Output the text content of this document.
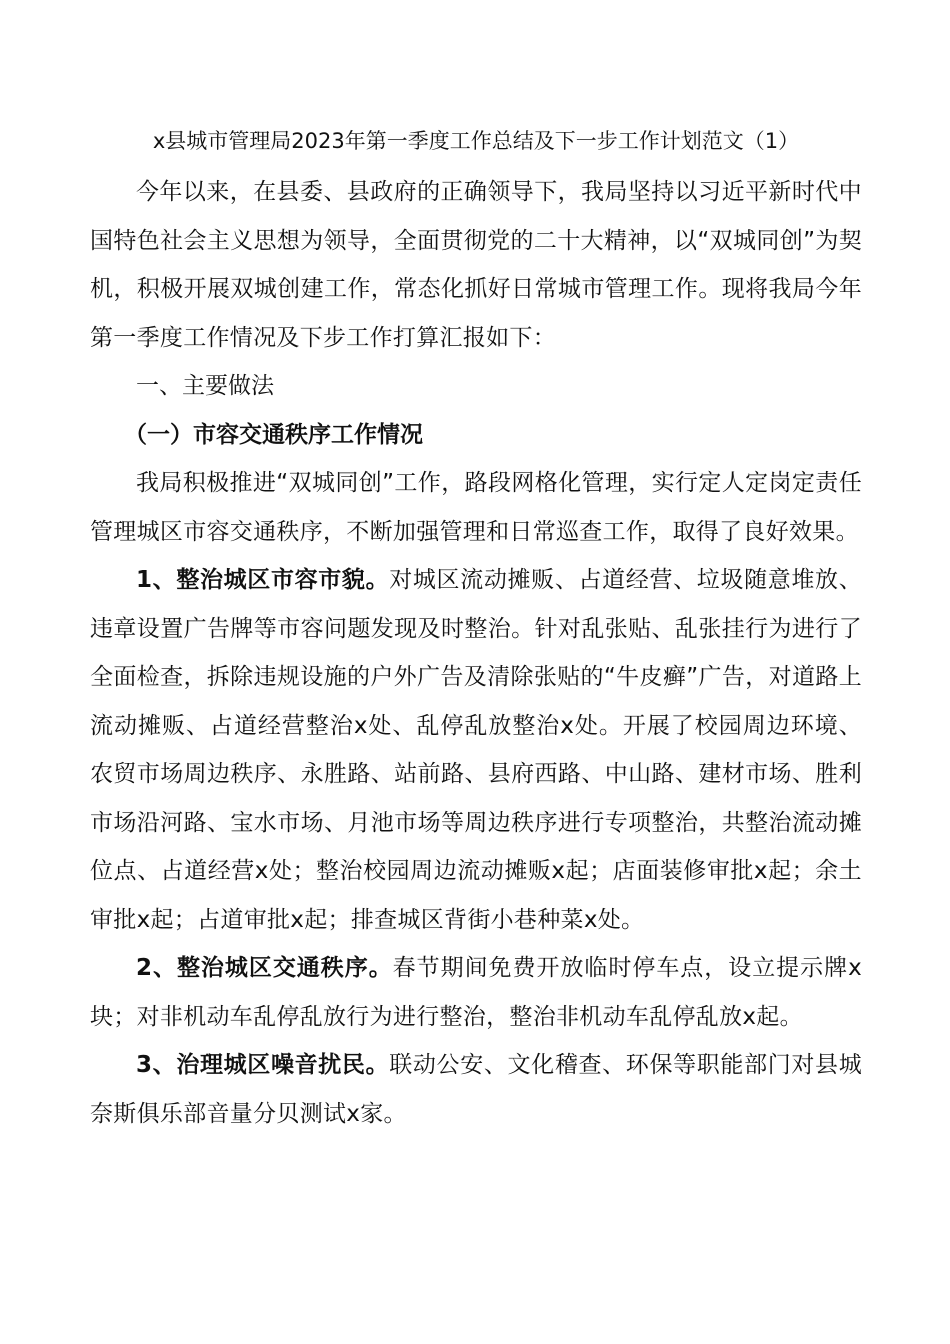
x县城市管理局2023年第一季度工作总结及下一步工作计划范文（1）

今年以来，在县委、县政府的正确领导下，我局坚持以习近平新时代中国特色社会主义思想为领导，全面贯彻党的二十大精神，以“双城同创”为契机，积极开展双城创建工作，常态化抓好日常城市管理工作。现将我局今年第一季度工作情况及下步工作打算汇报如下：

一、主要做法

（一）市容交通秩序工作情况

我局积极推进“双城同创”工作，路段网格化管理，实行定人定岗定责任管理城区市容交通秩序，不断加强管理和日常巡查工作，取得了良好效果。

1、整治城区市容市貌。对城区流动摊贩、占道经营、垃圾随意堆放、违章设置广告牌等市容问题发现及时整治。针对乱张贴、乱张挂行为进行了全面检查，拆除违规设施的户外广告及清除张贴的“牛皮癣”广告，对道路上流动摊贩、占道经营整治x处、乱停乱放整治x处。开展了校园周边环境、农贸市场周边秩序、永胜路、站前路、县府西路、中山路、建材市场、胜利市场沿河路、宝水市场、月池市场等周边秩序进行专项整治，共整治流动摊位点、占道经营x处；整治校园周边流动摊贩x起；店面装修审批x起；余土审批x起；占道审批x起；排查城区背街小巷种菜x处。

2、整治城区交通秩序。春节期间免费开放临时停车点，设立提示牌x块；对非机动车乱停乱放行为进行整治，整治非机动车乱停乱放x起。

3、治理城区噪音扰民。联动公安、文化稽查、环保等职能部门对县城奈斯俱乐部音量分贝测试x家。
